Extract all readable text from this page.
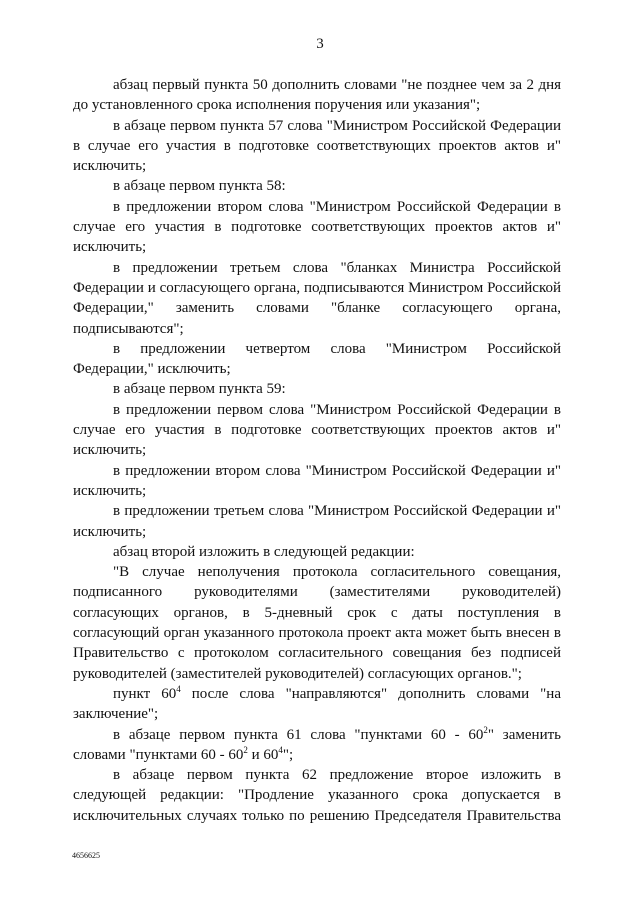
3

абзац первый пункта 50 дополнить словами "не позднее чем за 2 дня до установленного срока исполнения поручения или указания";

в абзаце первом пункта 57 слова "Министром Российской Федерации в случае его участия в подготовке соответствующих проектов актов и" исключить;

в абзаце первом пункта 58:

в предложении втором слова "Министром Российской Федерации в случае его участия в подготовке соответствующих проектов актов и" исключить;

в предложении третьем слова "бланках Министра Российской Федерации и согласующего органа, подписываются Министром Российской Федерации," заменить словами "бланке согласующего органа, подписываются";

в предложении четвертом слова "Министром Российской Федерации," исключить;

в абзаце первом пункта 59:

в предложении первом слова "Министром Российской Федерации в случае его участия в подготовке соответствующих проектов актов и" исключить;

в предложении втором слова "Министром Российской Федерации и" исключить;

в предложении третьем слова "Министром Российской Федерации и" исключить;

абзац второй изложить в следующей редакции:

"В случае неполучения протокола согласительного совещания, подписанного руководителями (заместителями руководителей) согласующих органов, в 5-дневный срок с даты поступления в согласующий орган указанного протокола проект акта может быть внесен в Правительство с протоколом согласительного совещания без подписей руководителей (заместителей руководителей) согласующих органов.";

пункт $60^4$ после слова "направляются" дополнить словами "на заключение";

в абзаце первом пункта 61 слова "пунктами $60 - 60^2$" заменить словами "пунктами $60 - 60^2$ и $60^4$";

в абзаце первом пункта 62 предложение второе изложить в следующей редакции: "Продление указанного срока допускается в исключительных случаях только по решению Председателя Правительства

4656625
